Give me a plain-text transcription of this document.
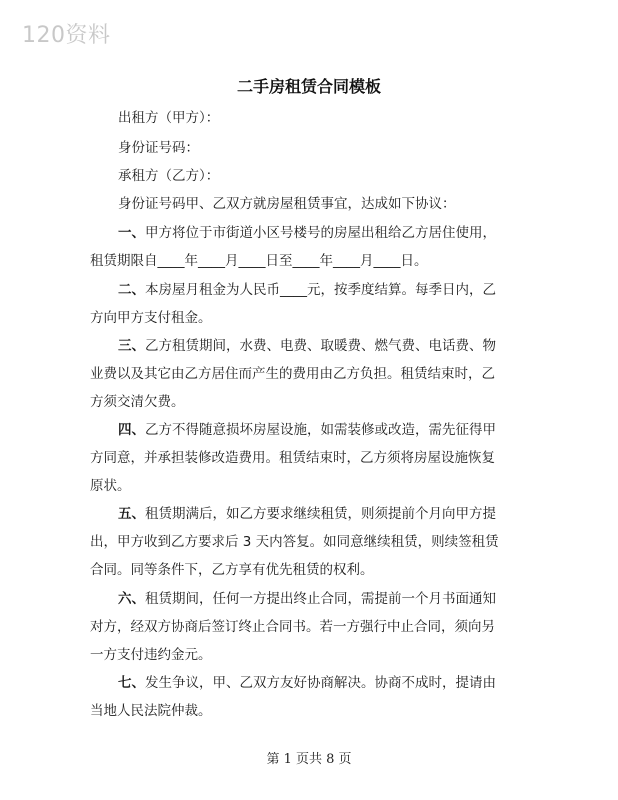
120资料
二手房租赁合同模板
出租方（甲方）：
身份证号码：
承租方（乙方）：
身份证号码甲、乙双方就房屋租赁事宜，达成如下协议：
一、甲方将位于市街道小区号楼号的房屋出租给乙方居住使用，
租赁期限自____年____月____日至____年____月____日。
二、本房屋月租金为人民币____元，按季度结算。每季日内，乙
方向甲方支付租金。
三、乙方租赁期间，水费、电费、取暖费、燃气费、电话费、物
业费以及其它由乙方居住而产生的费用由乙方负担。租赁结束时，乙
方须交清欠费。
四、乙方不得随意损坏房屋设施，如需装修或改造，需先征得甲
方同意，并承担装修改造费用。租赁结束时，乙方须将房屋设施恢复
原状。
五、租赁期满后，如乙方要求继续租赁，则须提前个月向甲方提
出，甲方收到乙方要求后 3 天内答复。如同意继续租赁，则续签租赁
合同。同等条件下，乙方享有优先租赁的权利。
六、租赁期间，任何一方提出终止合同，需提前一个月书面通知
对方，经双方协商后签订终止合同书。若一方强行中止合同，须向另
一方支付违约金元。
七、发生争议，甲、乙双方友好协商解决。协商不成时，提请由
当地人民法院仲裁。
第 1 页共 8 页
